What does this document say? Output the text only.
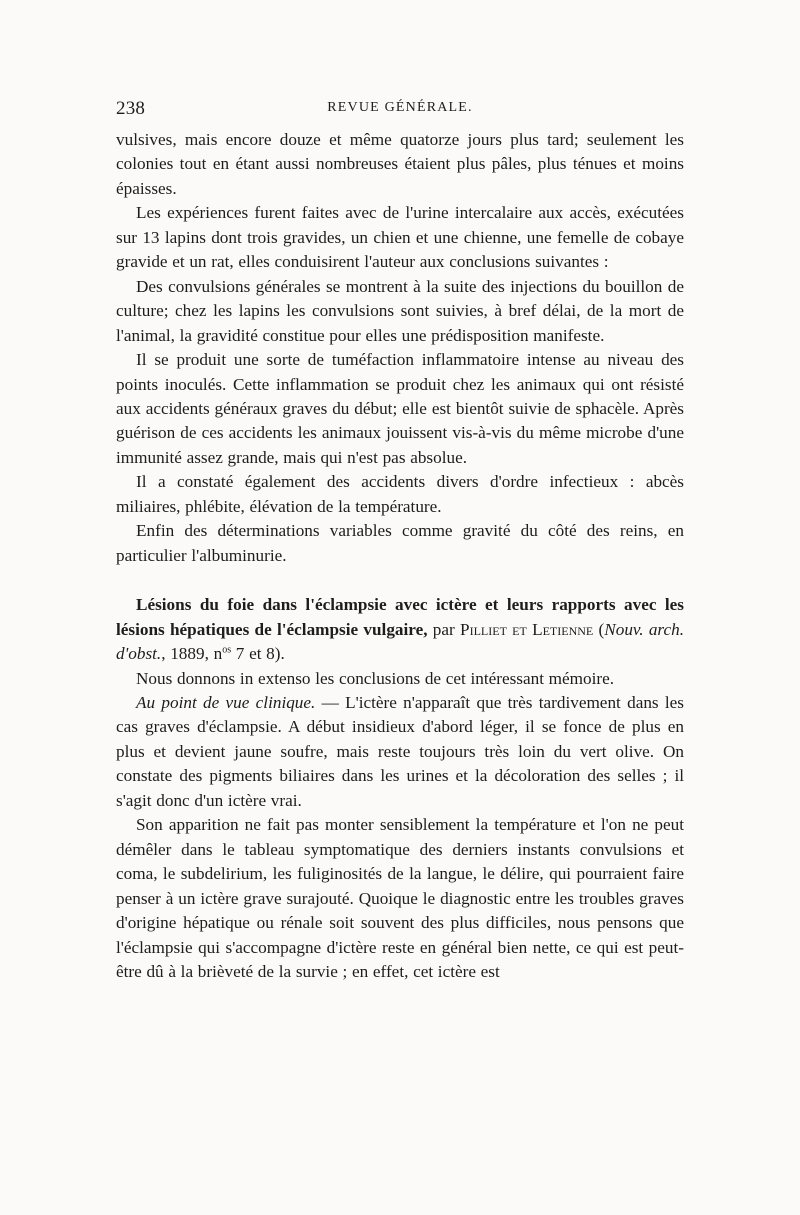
238	REVUE GÉNÉRALE.

vulsives, mais encore douze et même quatorze jours plus tard; seulement les colonies tout en étant aussi nombreuses étaient plus pâles, plus ténues et moins épaisses.

Les expériences furent faites avec de l'urine intercalaire aux accès, exécutées sur 13 lapins dont trois gravides, un chien et une chienne, une femelle de cobaye gravide et un rat, elles conduisirent l'auteur aux conclusions suivantes :

Des convulsions générales se montrent à la suite des injections du bouillon de culture; chez les lapins les convulsions sont suivies, à bref délai, de la mort de l'animal, la gravidité constitue pour elles une prédisposition manifeste.

Il se produit une sorte de tuméfaction inflammatoire intense au niveau des points inoculés. Cette inflammation se produit chez les animaux qui ont résisté aux accidents généraux graves du début; elle est bientôt suivie de sphacèle. Après guérison de ces accidents les animaux jouissent vis-à-vis du même microbe d'une immunité assez grande, mais qui n'est pas absolue.

Il a constaté également des accidents divers d'ordre infectieux : abcès miliaires, phlébite, élévation de la température.

Enfin des déterminations variables comme gravité du côté des reins, en particulier l'albuminurie.

Lésions du foie dans l'éclampsie avec ictère et leurs rapports avec les lésions hépatiques de l'éclampsie vulgaire, par Pilliet et Letienne (Nouv. arch. d'obst., 1889, $n^{os}$ 7 et 8).

Nous donnons in extenso les conclusions de cet intéressant mémoire.

Au point de vue clinique. — L'ictère n'apparaît que très tardivement dans les cas graves d'éclampsie. A début insidieux d'abord léger, il se fonce de plus en plus et devient jaune soufre, mais reste toujours très loin du vert olive. On constate des pigments biliaires dans les urines et la décoloration des selles ; il s'agit donc d'un ictère vrai.

Son apparition ne fait pas monter sensiblement la température et l'on ne peut démêler dans le tableau symptomatique des derniers instants convulsions et coma, le subdelirium, les fuliginosités de la langue, le délire, qui pourraient faire penser à un ictère grave surajouté. Quoique le diagnostic entre les troubles graves d'origine hépatique ou rénale soit souvent des plus difficiles, nous pensons que l'éclampsie qui s'accompagne d'ictère reste en général bien nette, ce qui est peut-être dû à la brièveté de la survie ; en effet, cet ictère est
